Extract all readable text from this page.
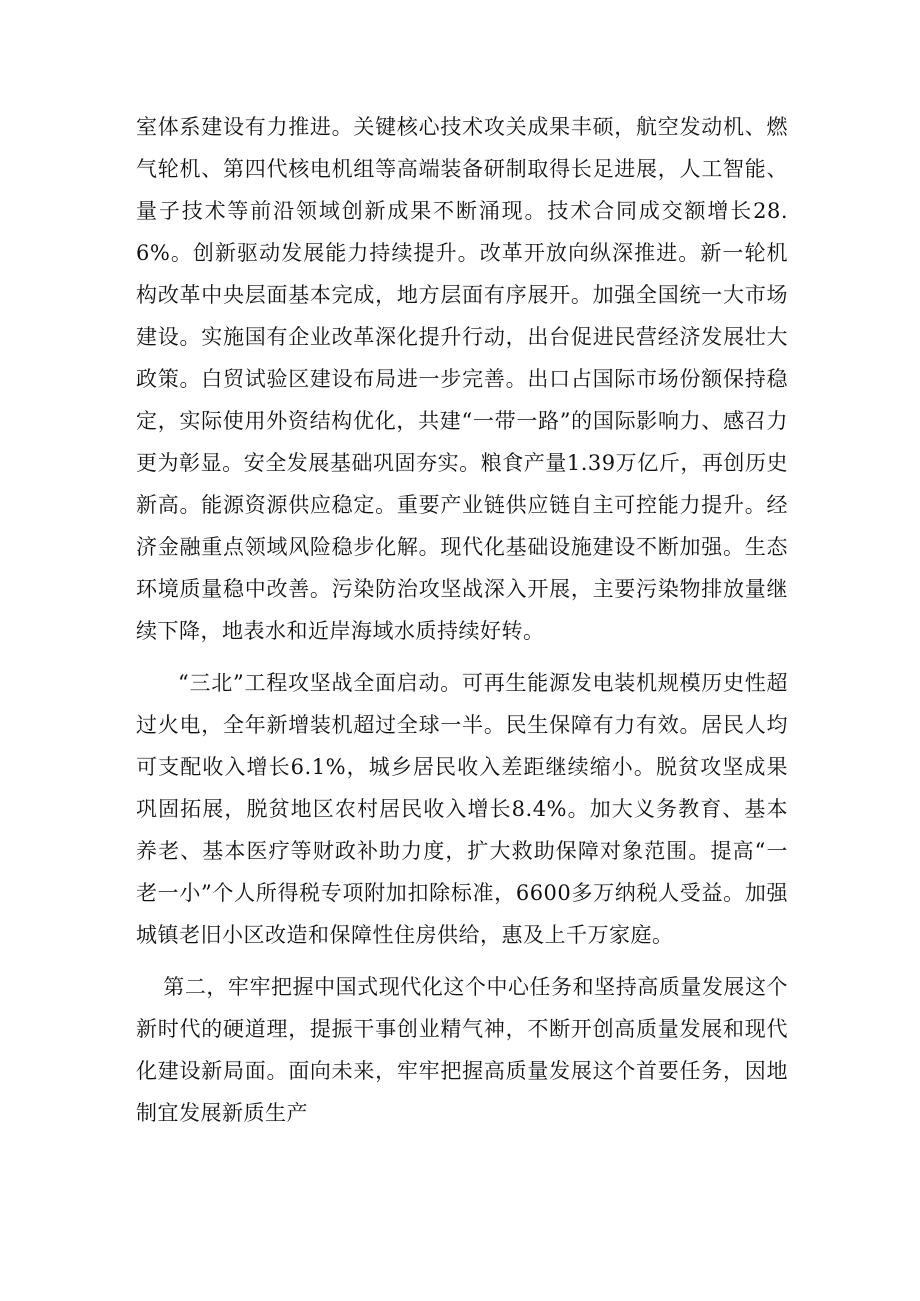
室体系建设有力推进。关键核心技术攻关成果丰硕，航空发动机、燃气轮机、第四代核电机组等高端装备研制取得长足进展，人工智能、量子技术等前沿领域创新成果不断涌现。技术合同成交额增长28.6%。创新驱动发展能力持续提升。改革开放向纵深推进。新一轮机构改革中央层面基本完成，地方层面有序展开。加强全国统一大市场建设。实施国有企业改革深化提升行动，出台促进民营经济发展壮大政策。白贸试验区建设布局进一步完善。出口占国际市场份额保持稳定，实际使用外资结构优化，共建“一带一路”的国际影响力、感召力更为彰显。安全发展基础巩固夯实。粮食产量1.39万亿斤，再创历史新高。能源资源供应稳定。重要产业链供应链自主可控能力提升。经济金融重点领域风险稳步化解。现代化基础设施建设不断加强。生态环境质量稳中改善。污染防治攻坚战深入开展，主要污染物排放量继续下降，地表水和近岸海域水质持续好转。

“三北”工程攻坚战全面启动。可再生能源发电装机规模历史性超过火电，全年新增装机超过全球一半。民生保障有力有效。居民人均可支配收入增长6.1%，城乡居民收入差距继续缩小。脱贫攻坚成果巩固拓展，脱贫地区农村居民收入增长8.4%。加大义务教育、基本养老、基本医疗等财政补助力度，扩大救助保障对象范围。提高“一老一小”个人所得税专项附加扣除标准，6600多万纳税人受益。加强城镇老旧小区改造和保障性住房供给，惠及上千万家庭。

第二，牢牢把握中国式现代化这个中心任务和坚持高质量发展这个新时代的硬道理，提振干事创业精气神，不断开创高质量发展和现代化建设新局面。面向未来，牢牢把握高质量发展这个首要任务，因地制宜发展新质生产
